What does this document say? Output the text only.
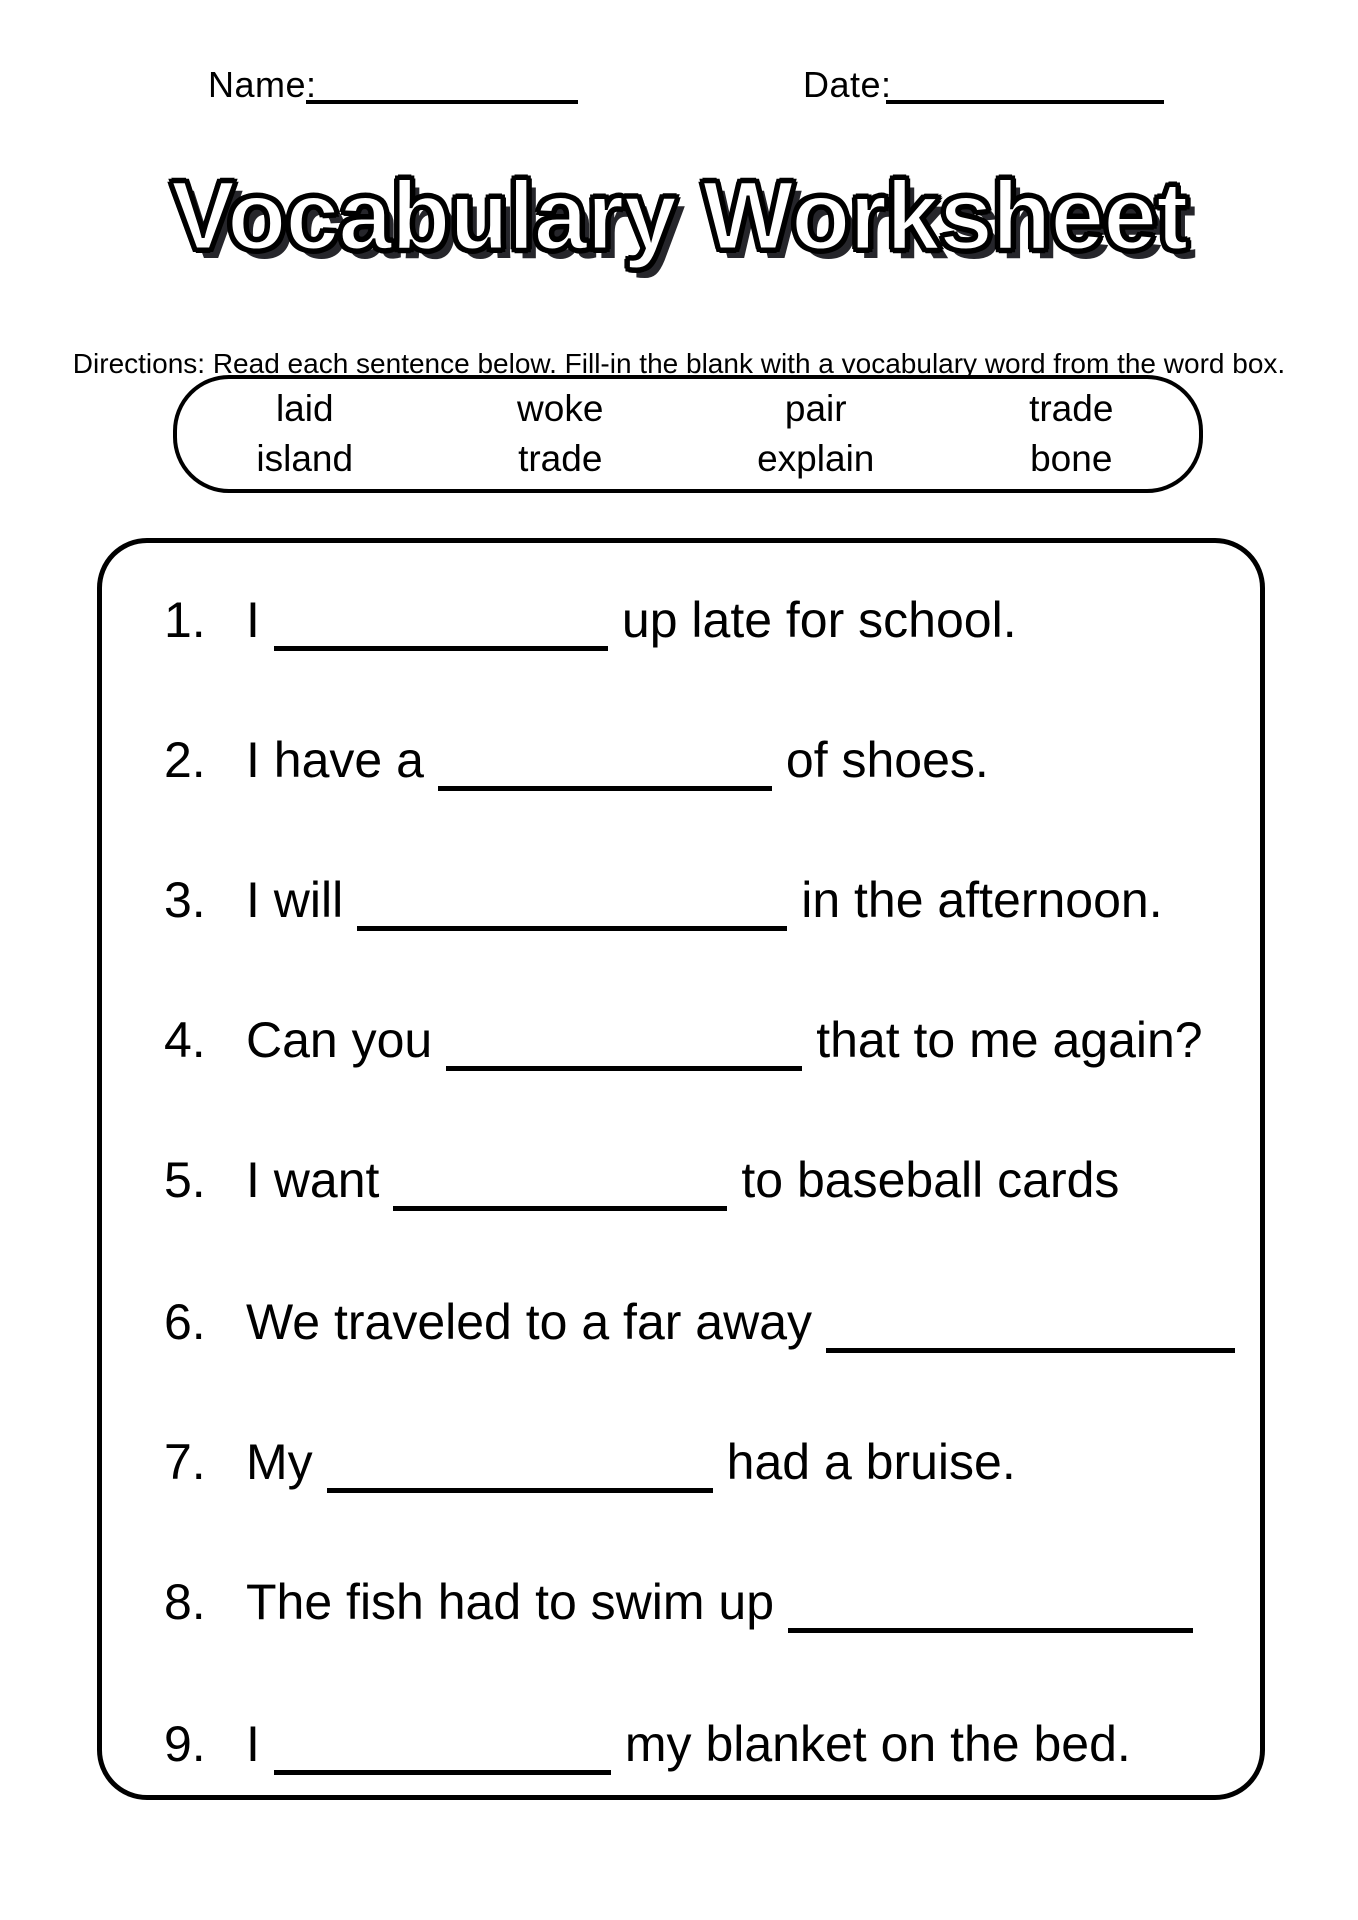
Name:	Date:
Vocabulary Worksheet
Directions: Read each sentence below. Fill-in the blank with a vocabulary word from the word box.
laid	woke	pair	trade
island	trade	explain	bone
1. I	up late for school.
2. I have a	of shoes.
3. I will	in the afternoon.
4. Can you	that to me again?
5. I want	to baseball cards
6. We traveled to a far away
7. My	had a bruise.
8. The fish had to swim up
9. I	my blanket on the bed.
